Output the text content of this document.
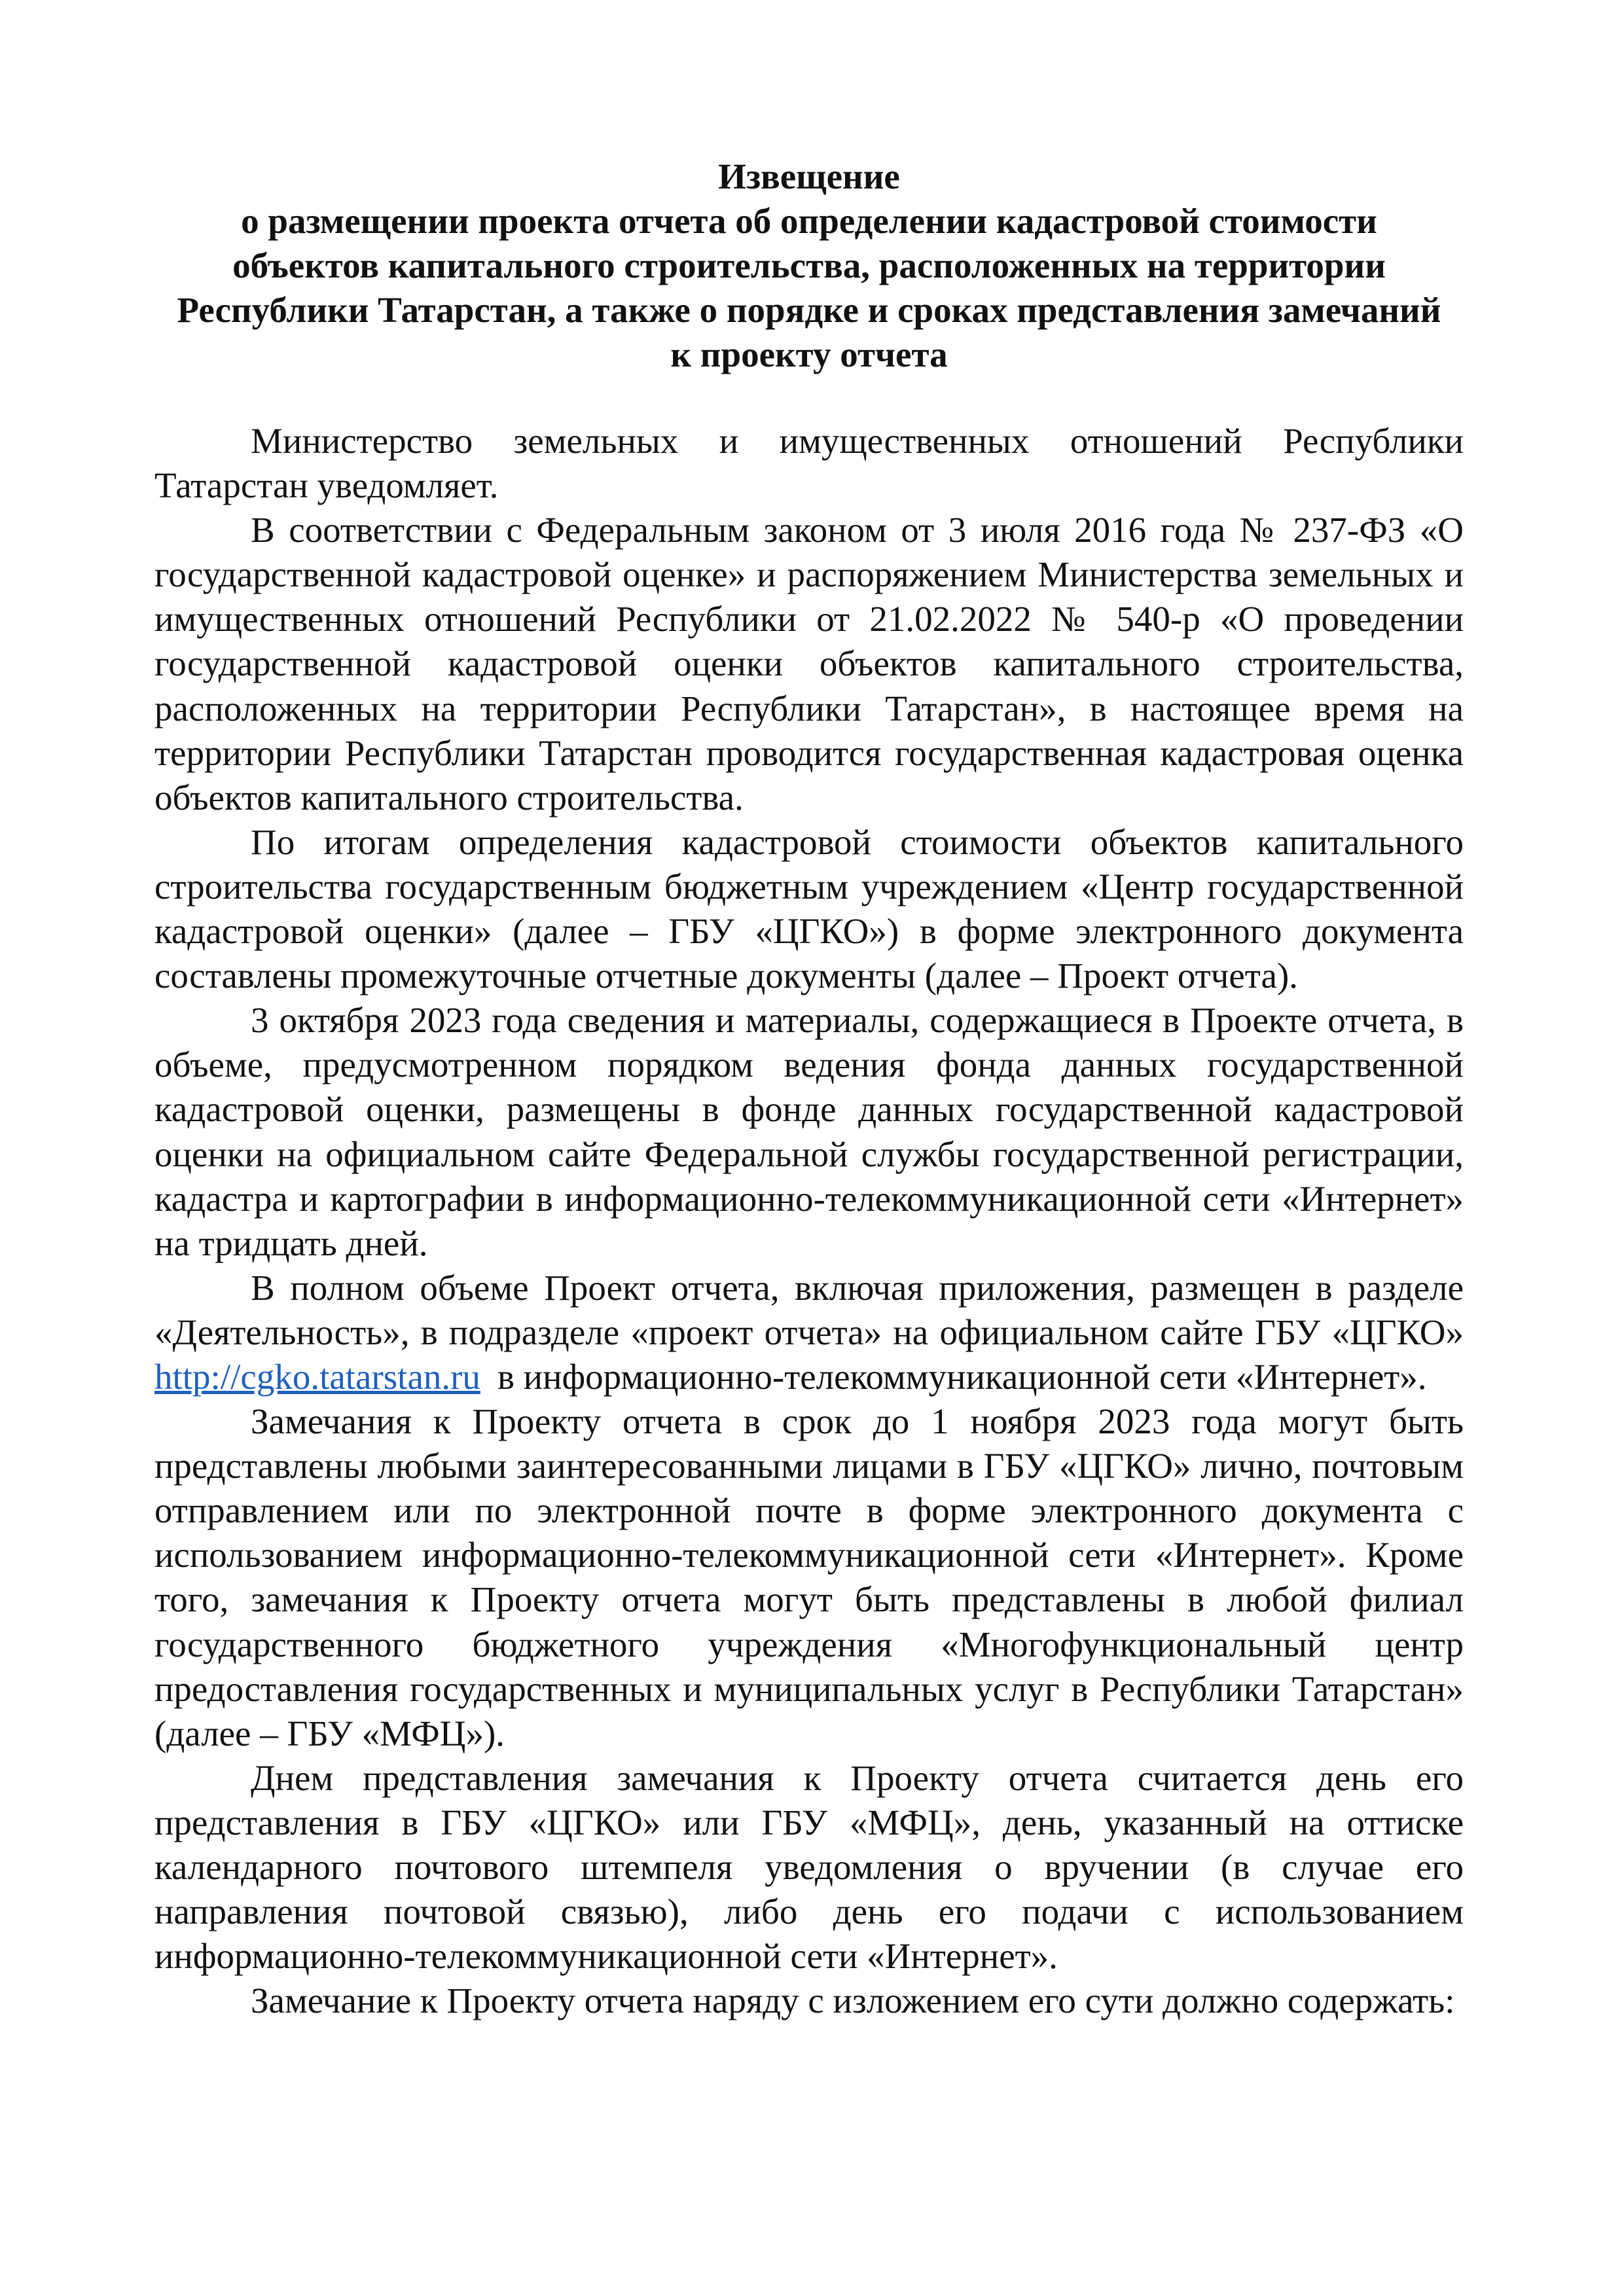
Извещение
о размещении проекта отчета об определении кадастровой стоимости
объектов капитального строительства, расположенных на территории
Республики Татарстан, а также о порядке и сроках представления замечаний
к проекту отчета

Министерство земельных и имущественных отношений Республики Татарстан уведомляет.

В соответствии с Федеральным законом от 3 июля 2016 года № 237-ФЗ «О государственной кадастровой оценке» и распоряжением Министерства земельных и имущественных отношений Республики от 21.02.2022 № 540-р «О проведении государственной кадастровой оценки объектов капитального строительства, расположенных на территории Республики Татарстан», в настоящее время на территории Республики Татарстан проводится государственная кадастровая оценка объектов капитального строительства.

По итогам определения кадастровой стоимости объектов капитального строительства государственным бюджетным учреждением «Центр государственной кадастровой оценки» (далее – ГБУ «ЦГКО») в форме электронного документа составлены промежуточные отчетные документы (далее – Проект отчета).

3 октября 2023 года сведения и материалы, содержащиеся в Проекте отчета, в объеме, предусмотренном порядком ведения фонда данных государственной кадастровой оценки, размещены в фонде данных государственной кадастровой оценки на официальном сайте Федеральной службы государственной регистрации, кадастра и картографии в информационно-телекоммуникационной сети «Интернет» на тридцать дней.

В полном объеме Проект отчета, включая приложения, размещен в разделе «Деятельность», в подразделе «проект отчета» на официальном сайте ГБУ «ЦГКО» http://cgko.tatarstan.ru в информационно-телекоммуникационной сети «Интернет».

Замечания к Проекту отчета в срок до 1 ноября 2023 года могут быть представлены любыми заинтересованными лицами в ГБУ «ЦГКО» лично, почтовым отправлением или по электронной почте в форме электронного документа с использованием информационно-телекоммуникационной сети «Интернет». Кроме того, замечания к Проекту отчета могут быть представлены в любой филиал государственного бюджетного учреждения «Многофункциональный центр предоставления государственных и муниципальных услуг в Республики Татарстан» (далее – ГБУ «МФЦ»).

Днем представления замечания к Проекту отчета считается день его представления в ГБУ «ЦГКО» или ГБУ «МФЦ», день, указанный на оттиске календарного почтового штемпеля уведомления о вручении (в случае его направления почтовой связью), либо день его подачи с использованием информационно-телекоммуникационной сети «Интернет».

Замечание к Проекту отчета наряду с изложением его сути должно содержать:
